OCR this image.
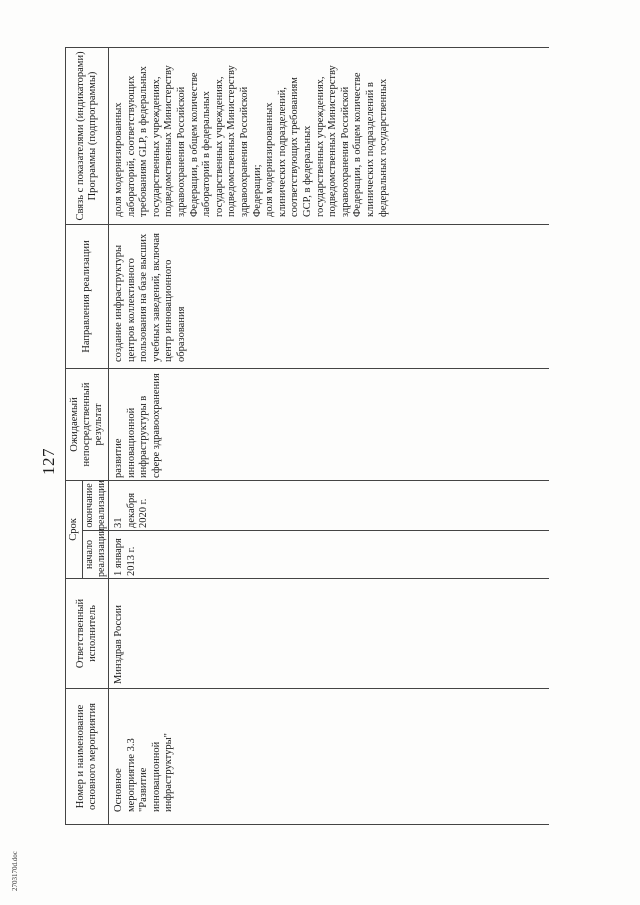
127
Номер и наименование основного мероприятия	Ответственный исполнитель	Срок		Ожидаемый непосредственный результат	Направления реализации	Связь с показателями (индикаторами) Программы (подпрограммы)
		начало реализации	окончание реализации			

Основное мероприятие 3.3 "Развитие инновационной инфраструктуры"	Минздрав России	1 января 2013 г.	31 декабря 2020 г.	развитие инновационной инфраструктуры в сфере здравоохранения	создание инфраструктуры центров коллективного пользования на базе высших учебных заведений, включая центр инновационного образования	доля модернизированных лабораторий, соответствующих требованиям GLP, в федеральных государственных учреждениях, подведомственных Министерству здравоохранения Российской Федерации, в общем количестве лабораторий в федеральных государственных учреждениях, подведомственных Министерству здравоохранения Российской Федерации; доля модернизированных клинических подразделений, соответствующих требованиям GCP, в федеральных государственных учреждениях, подведомственных Министерству здравоохранения Российской Федерации, в общем количестве клинических подразделений в федеральных государственных

2703170d.doc
